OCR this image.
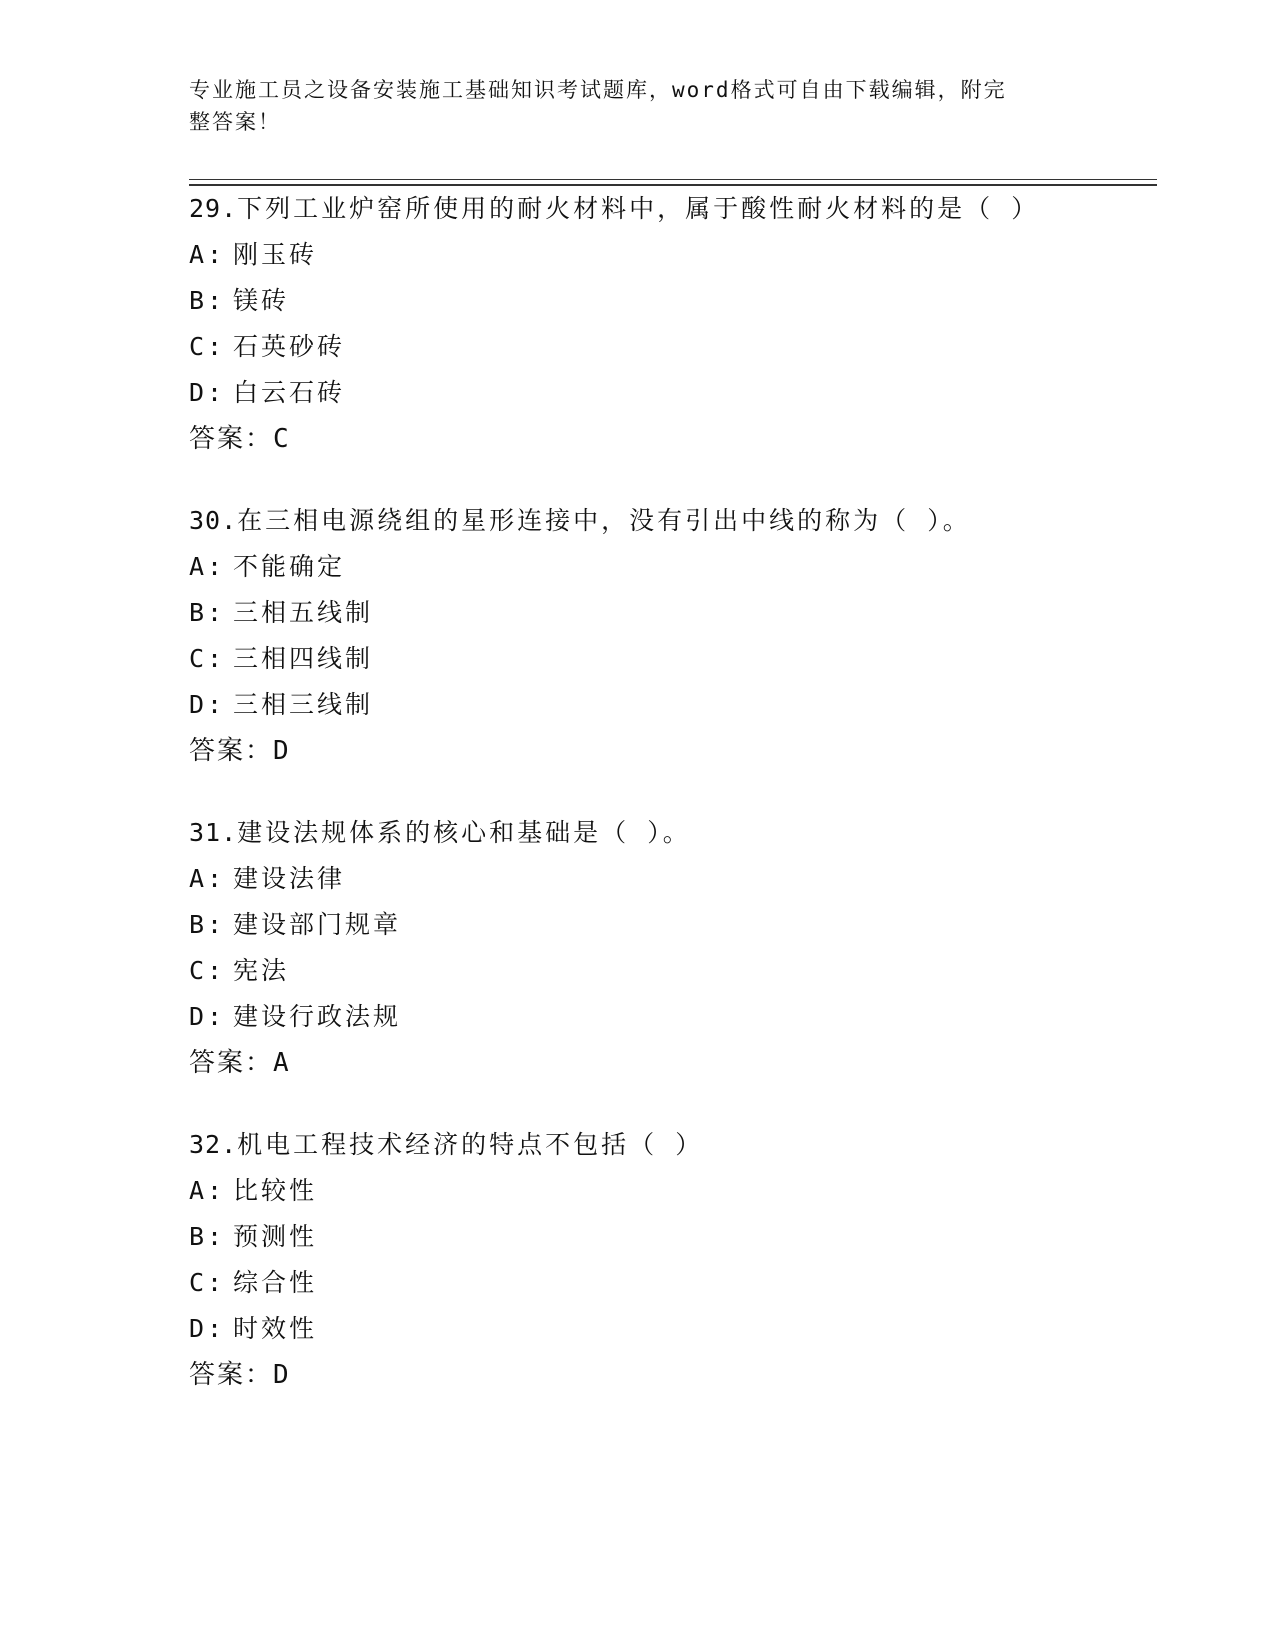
专业施工员之设备安装施工基础知识考试题库，word格式可自由下载编辑，附完
整答案！
29.下列工业炉窑所使用的耐火材料中，属于酸性耐火材料的是（ ）
A: 刚玉砖
B: 镁砖
C: 石英砂砖
D: 白云石砖
答案：C
30.在三相电源绕组的星形连接中，没有引出中线的称为（ ）。
A: 不能确定
B: 三相五线制
C: 三相四线制
D: 三相三线制
答案：D
31.建设法规体系的核心和基础是（ ）。
A: 建设法律
B: 建设部门规章
C: 宪法
D: 建设行政法规
答案：A
32.机电工程技术经济的特点不包括（ ）
A: 比较性
B: 预测性
C: 综合性
D: 时效性
答案：D
